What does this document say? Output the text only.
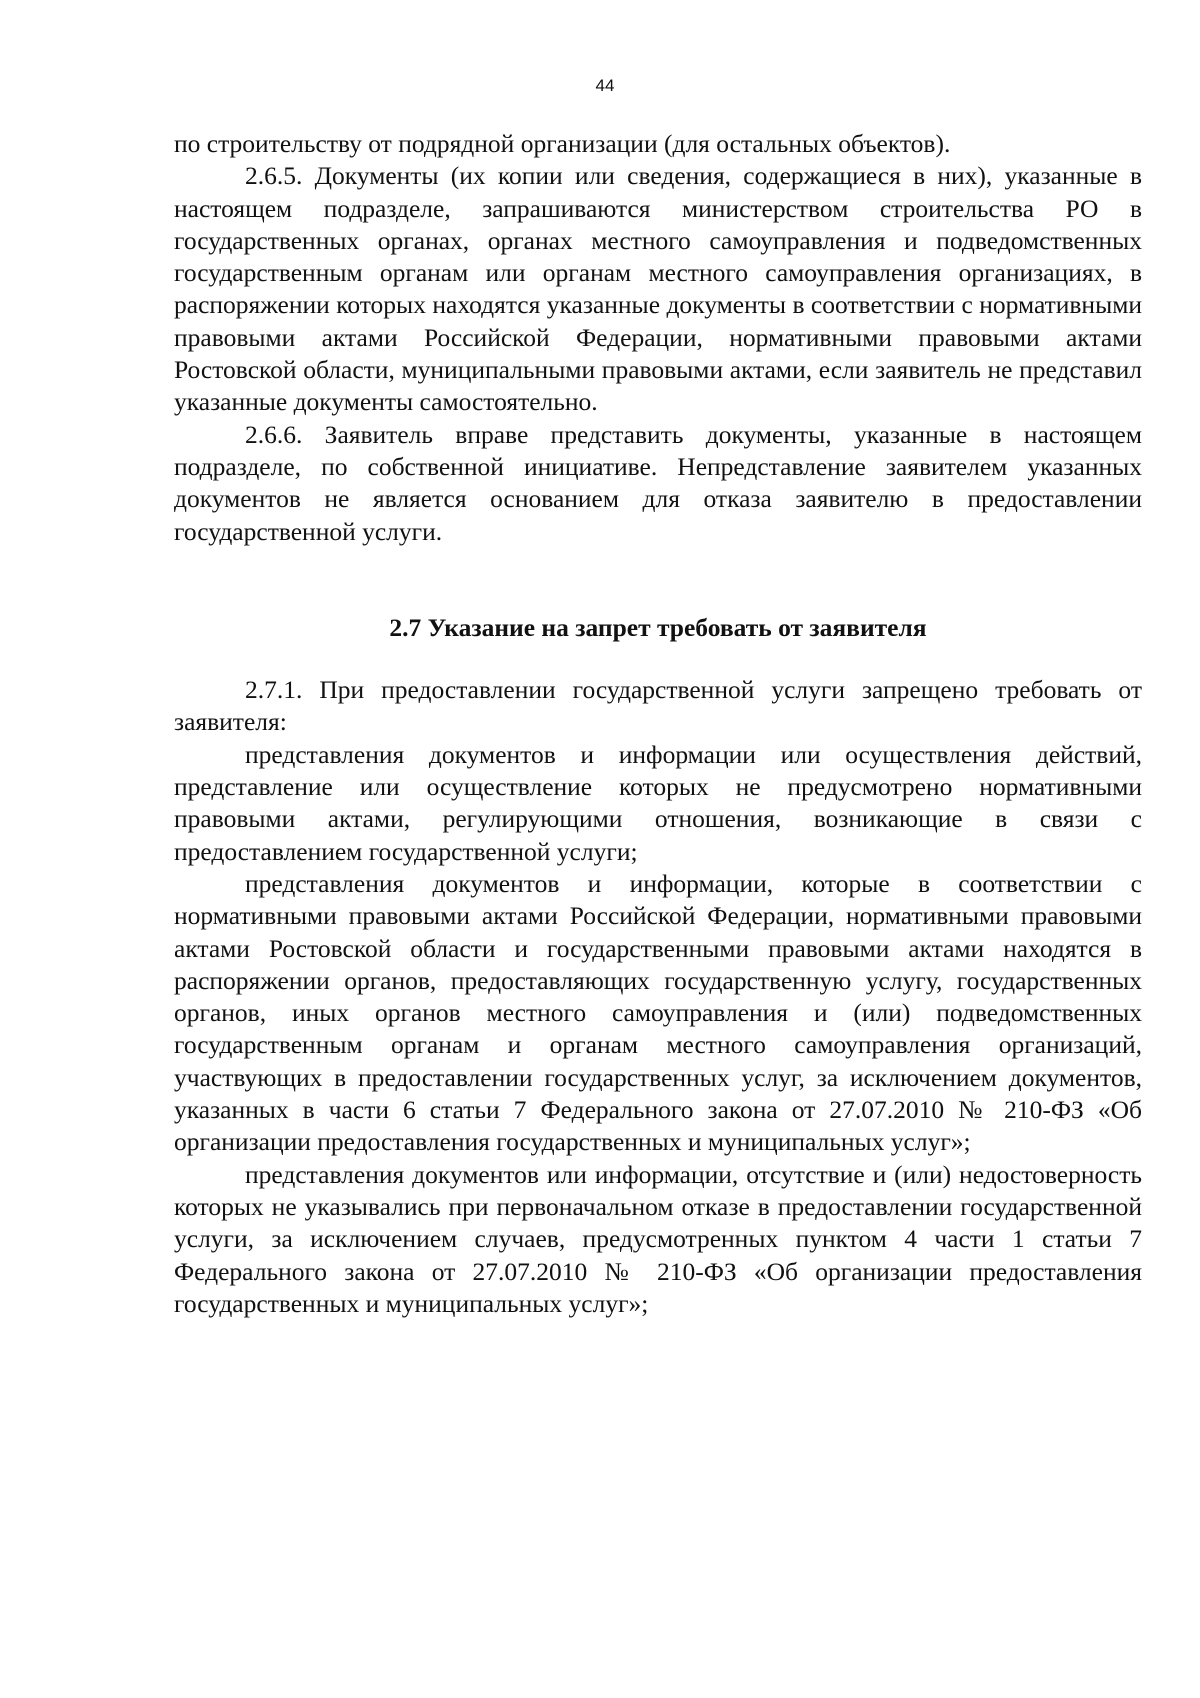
44

по строительству от подрядной организации (для остальных объектов).

2.6.5. Документы (их копии или сведения, содержащиеся в них), указанные в настоящем подразделе, запрашиваются министерством строительства РО в государственных органах, органах местного самоуправления и подведомственных государственным органам или органам местного самоуправления организациях, в распоряжении которых находятся указанные документы в соответствии с нормативными правовыми актами Российской Федерации, нормативными правовыми актами Ростовской области, муниципальными правовыми актами, если заявитель не представил указанные документы самостоятельно.

2.6.6. Заявитель вправе представить документы, указанные в настоящем подразделе, по собственной инициативе. Непредставление заявителем указанных документов не является основанием для отказа заявителю в предоставлении государственной услуги.

2.7 Указание на запрет требовать от заявителя

2.7.1. При предоставлении государственной услуги запрещено требовать от заявителя:

представления документов и информации или осуществления действий, представление или осуществление которых не предусмотрено нормативными правовыми актами, регулирующими отношения, возникающие в связи с предоставлением государственной услуги;

представления документов и информации, которые в соответствии с нормативными правовыми актами Российской Федерации, нормативными правовыми актами Ростовской области и государственными правовыми актами находятся в распоряжении органов, предоставляющих государственную услугу, государственных органов, иных органов местного самоуправления и (или) подведомственных государственным органам и органам местного самоуправления организаций, участвующих в предоставлении государственных услуг, за исключением документов, указанных в части 6 статьи 7 Федерального закона от 27.07.2010 № 210-ФЗ «Об организации предоставления государственных и муниципальных услуг»;

представления документов или информации, отсутствие и (или) недостоверность которых не указывались при первоначальном отказе в предоставлении государственной услуги, за исключением случаев, предусмотренных пунктом 4 части 1 статьи 7 Федерального закона от 27.07.2010 № 210-ФЗ «Об организации предоставления государственных и муниципальных услуг»;
